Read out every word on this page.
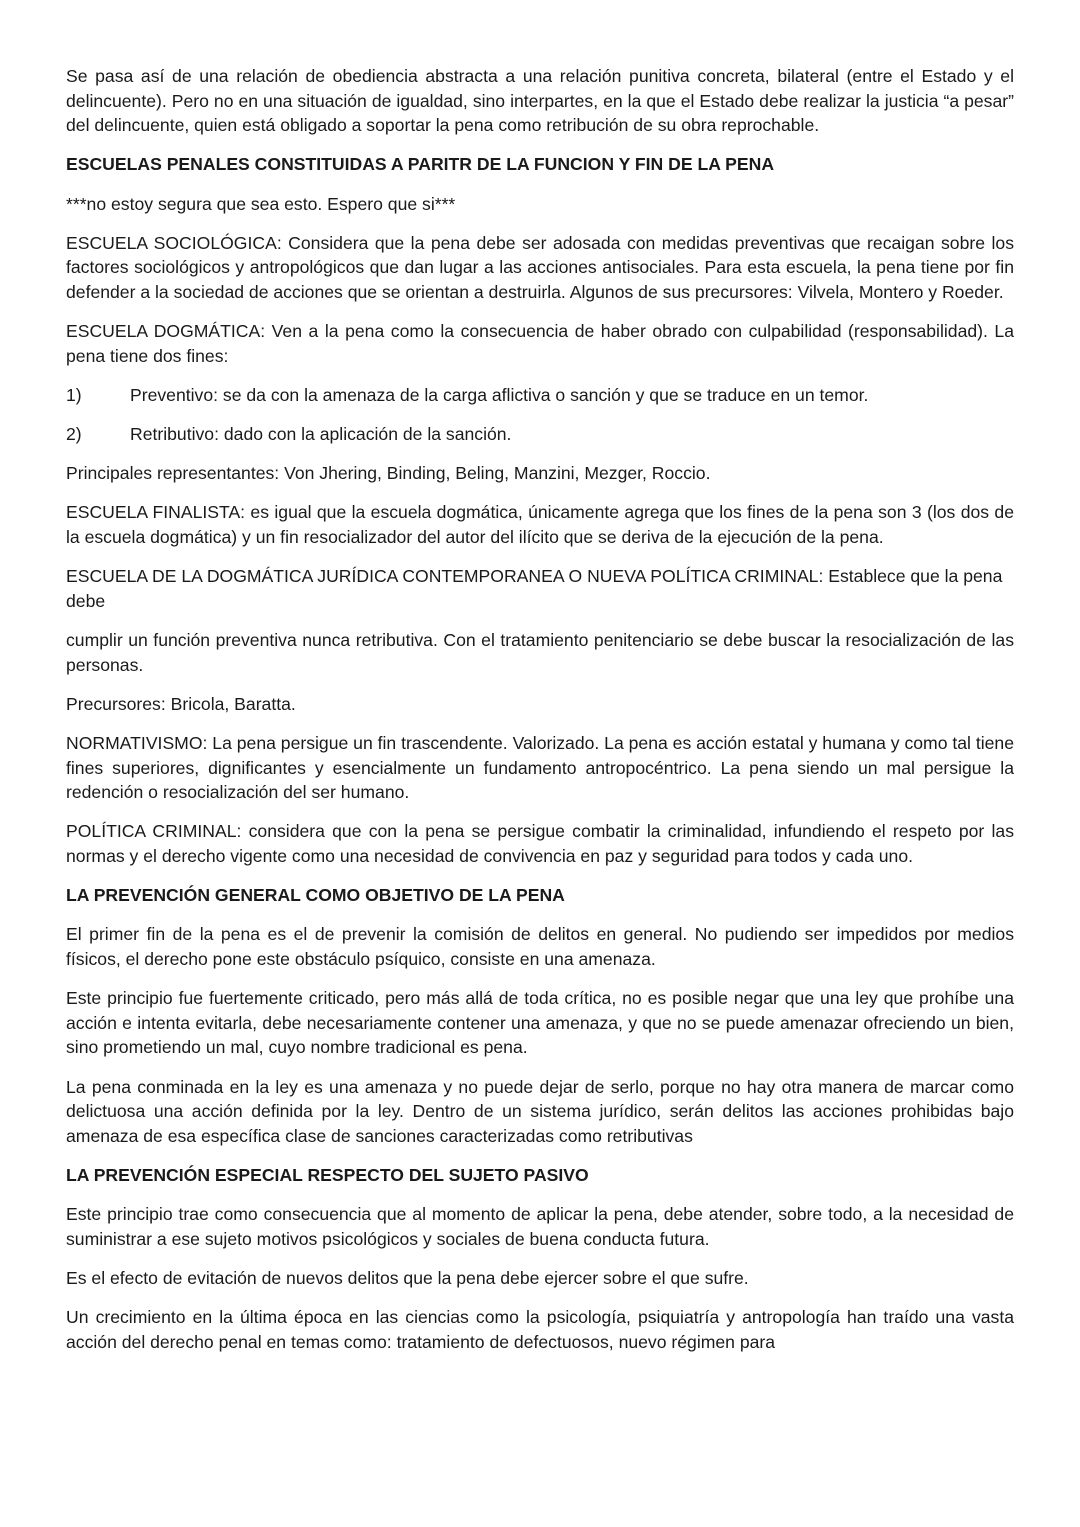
Se pasa así de una relación de obediencia abstracta a una relación punitiva concreta, bilateral (entre el Estado y el delincuente). Pero no en una situación de igualdad, sino interpartes, en la que el Estado debe realizar la justicia “a pesar” del delincuente, quien está obligado a soportar la pena como retribución de su obra reprochable.

ESCUELAS PENALES CONSTITUIDAS A PARITR DE LA FUNCION Y FIN DE LA PENA

***no estoy segura que sea esto. Espero que si***

ESCUELA SOCIOLÓGICA: Considera que la pena debe ser adosada con medidas preventivas que recaigan sobre los factores sociológicos y antropológicos que dan lugar a las acciones antisociales. Para esta escuela, la pena tiene por fin defender a la sociedad de acciones que se orientan a destruirla. Algunos de sus precursores: Vilvela, Montero y Roeder.

ESCUELA DOGMÁTICA: Ven a la pena como la consecuencia de haber obrado con culpabilidad (responsabilidad). La pena tiene dos fines:

1)	Preventivo: se da con la amenaza de la carga aflictiva o sanción y que se traduce en un temor.
2)	Retributivo: dado con la aplicación de la sanción.

Principales representantes: Von Jhering, Binding, Beling, Manzini, Mezger, Roccio.

ESCUELA FINALISTA: es igual que la escuela dogmática, únicamente agrega que los fines de la pena son 3 (los dos de la escuela dogmática) y un fin resocializador del autor del ilícito que se deriva de la ejecución de la pena.

ESCUELA DE LA DOGMÁTICA JURÍDICA CONTEMPORANEA O NUEVA POLÍTICA CRIMINAL: Establece que la pena debe

cumplir un función preventiva nunca retributiva. Con el tratamiento penitenciario se debe buscar la resocialización de las personas.

Precursores: Bricola, Baratta.

NORMATIVISMO: La pena persigue un fin trascendente. Valorizado. La pena es acción estatal y humana y como tal tiene fines superiores, dignificantes y esencialmente un fundamento antropocéntrico. La pena siendo un mal persigue la redención o resocialización del ser humano.

POLÍTICA CRIMINAL: considera que con la pena se persigue combatir la criminalidad, infundiendo el respeto por las normas y el derecho vigente como una necesidad de convivencia en paz y seguridad para todos y cada uno.

LA PREVENCIÓN GENERAL COMO OBJETIVO DE LA PENA

El primer fin de la pena es el de prevenir la comisión de delitos en general. No pudiendo ser impedidos por medios físicos, el derecho pone este obstáculo psíquico, consiste en una amenaza.

Este principio fue fuertemente criticado, pero más allá de toda crítica, no es posible negar que una ley que prohíbe una acción e intenta evitarla, debe necesariamente contener una amenaza, y que no se puede amenazar ofreciendo un bien, sino prometiendo un mal, cuyo nombre tradicional es pena.

La pena conminada en la ley es una amenaza y no puede dejar de serlo, porque no hay otra manera de marcar como delictuosa una acción definida por la ley. Dentro de un sistema jurídico, serán delitos las acciones prohibidas bajo amenaza de esa específica clase de sanciones caracterizadas como retributivas

LA PREVENCIÓN ESPECIAL RESPECTO DEL SUJETO PASIVO

Este principio trae como consecuencia que al momento de aplicar la pena, debe atender, sobre todo, a la necesidad de suministrar a ese sujeto motivos psicológicos y sociales de buena conducta futura.

Es el efecto de evitación de nuevos delitos que la pena debe ejercer sobre el que sufre.

Un crecimiento en la última época en las ciencias como la psicología, psiquiatría y antropología han traído una vasta acción del derecho penal en temas como: tratamiento de defectuosos, nuevo régimen para
